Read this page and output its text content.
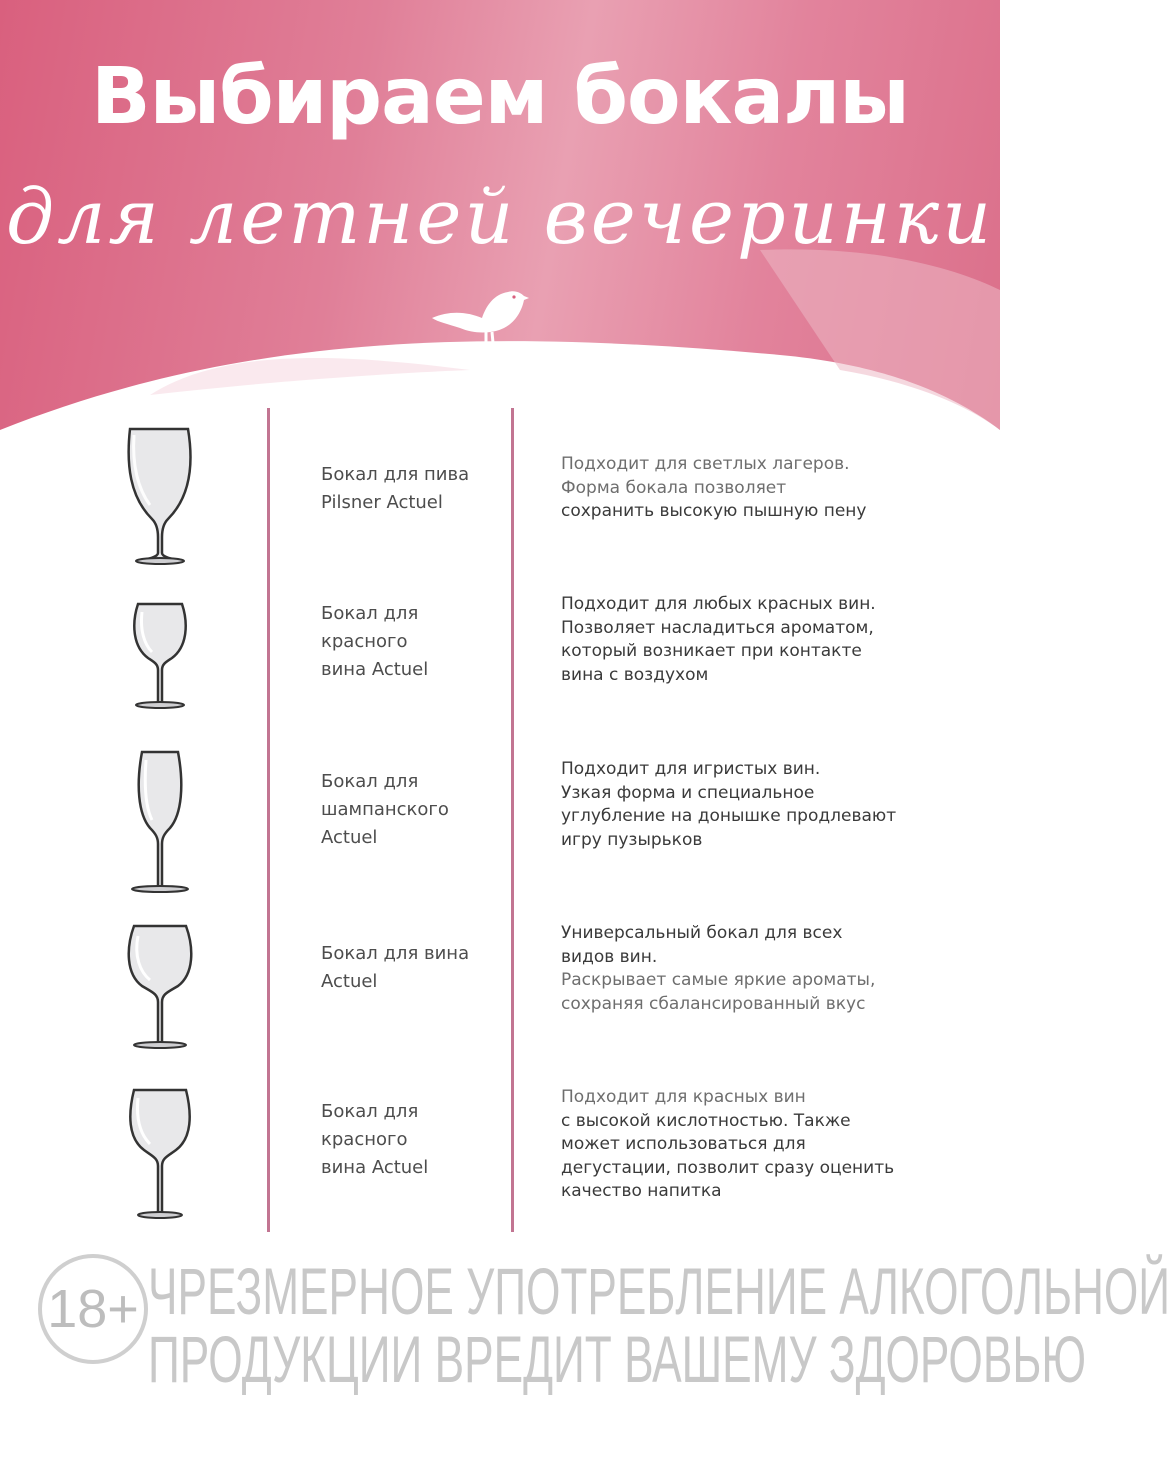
Выбираем бокалы
для летней вечеринки
Бокал для пива
Pilsner Actuel
Подходит для светлых лагеров.
Форма бокала позволяет
сохранить высокую пышную пену
Бокал для
красного
вина Actuel
Подходит для любых красных вин.
Позволяет насладиться ароматом,
который возникает при контакте
вина с воздухом
Бокал для
шампанского
Actuel
Подходит для игристых вин.
Узкая форма и специальное
углубление на донышке продлевают
игру пузырьков
Бокал для вина
Actuel
Универсальный бокал для всех
видов вин.
Раскрывает самые яркие ароматы,
сохраняя сбалансированный вкус
Бокал для
красного
вина Actuel
Подходит для красных вин
с высокой кислотностью. Также
может использоваться для
дегустации, позволит сразу оценить
качество напитка
18+ ЧРЕЗМЕРНОЕ УПОТРЕБЛЕНИЕ АЛКОГОЛЬНОЙ
ПРОДУКЦИИ ВРЕДИТ ВАШЕМУ ЗДОРОВЬЮ
